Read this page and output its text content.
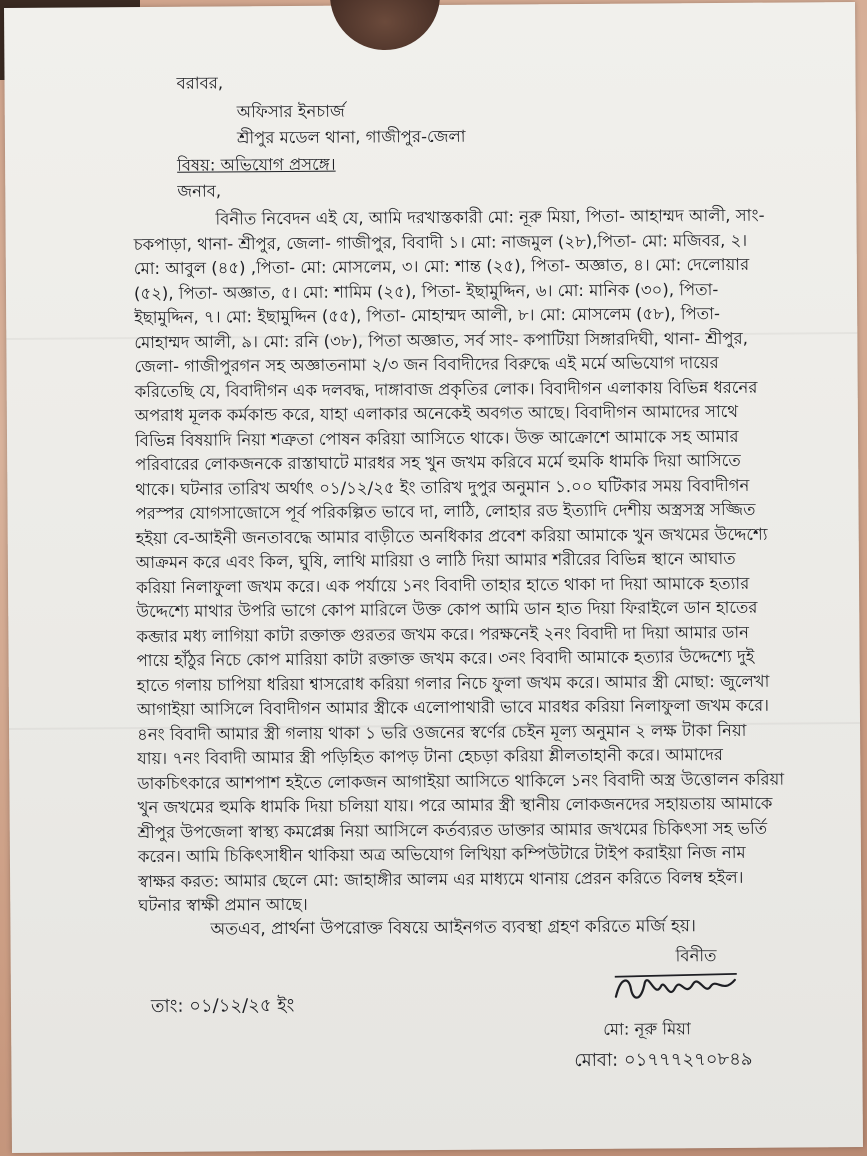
বরাবর,
অফিসার ইনচার্জ
শ্রীপুর মডেল থানা, গাজীপুর-জেলা
বিষয়: অভিযোগ প্রসঙ্গে।
জনাব,
বিনীত নিবেদন এই যে, আমি দরখাস্তকারী মো: নূরু মিয়া, পিতা- আহাম্মদ আলী, সাং-
চকপাড়া, থানা- শ্রীপুর, জেলা- গাজীপুর, বিবাদী ১। মো: নাজমুল (২৮),পিতা- মো: মজিবর, ২।
মো: আবুল (৪৫) ,পিতা- মো: মোসলেম, ৩। মো: শান্ত (২৫), পিতা- অজ্ঞাত, ৪। মো: দেলোয়ার
(৫২), পিতা- অজ্ঞাত, ৫। মো: শামিম (২৫), পিতা- ইছামুদ্দিন, ৬। মো: মানিক (৩০), পিতা-
ইছামুদ্দিন, ৭। মো: ইছামুদ্দিন (৫৫), পিতা- মোহাম্মদ আলী, ৮। মো: মোসলেম (৫৮), পিতা-
মোহাম্মদ আলী, ৯। মো: রনি (৩৮), পিতা অজ্ঞাত, সর্ব সাং- কপাটিয়া সিঙ্গারদিঘী, থানা- শ্রীপুর,
জেলা- গাজীপুরগন সহ অজ্ঞাতনামা ২/৩ জন বিবাদীদের বিরুদ্ধে এই মর্মে অভিযোগ দায়ের
করিতেছি যে, বিবাদীগন এক দলবদ্ধ, দাঙ্গাবাজ প্রকৃতির লোক। বিবাদীগন এলাকায় বিভিন্ন ধরনের
অপরাধ মূলক কর্মকান্ড করে, যাহা এলাকার অনেকেই অবগত আছে। বিবাদীগন আমাদের সাথে
বিভিন্ন বিষয়াদি নিয়া শত্রুতা পোষন করিয়া আসিতে থাকে। উক্ত আক্রোশে আমাকে সহ আমার
পরিবারের লোকজনকে রাস্তাঘাটে মারধর সহ খুন জখম করিবে মর্মে হুমকি ধামকি দিয়া আসিতে
থাকে। ঘটনার তারিখ অর্থাৎ ০১/১২/২৫ ইং তারিখ দুপুর অনুমান ১.০০ ঘটিকার সময় বিবাদীগন
পরস্পর যোগসাজোসে পূর্ব পরিকল্পিত ভাবে দা, লাঠি, লোহার রড ইত্যাদি দেশীয় অস্ত্রসস্ত্র সজ্জিত
হইয়া বে-আইনী জনতাবদ্ধে আমার বাড়ীতে অনধিকার প্রবেশ করিয়া আমাকে খুন জখমের উদ্দেশ্যে
আক্রমন করে এবং কিল, ঘুষি, লাথি মারিয়া ও লাঠি দিয়া আমার শরীরের বিভিন্ন স্থানে আঘাত
করিয়া নিলাফুলা জখম করে। এক পর্যায়ে ১নং বিবাদী তাহার হাতে থাকা দা দিয়া আমাকে হত্যার
উদ্দেশ্যে মাথার উপরি ভাগে কোপ মারিলে উক্ত কোপ আমি ডান হাত দিয়া ফিরাইলে ডান হাতের
কব্জার মধ্য লাগিয়া কাটা রক্তাক্ত গুরতর জখম করে। পরক্ষনেই ২নং বিবাদী দা দিয়া আমার ডান
পায়ে হাঁঠুর নিচে কোপ মারিয়া কাটা রক্তাক্ত জখম করে। ৩নং বিবাদী আমাকে হত্যার উদ্দেশ্যে দুই
হাতে গলায় চাপিয়া ধরিয়া শ্বাসরোধ করিয়া গলার নিচে ফুলা জখম করে। আমার স্ত্রী মোছা: জুলেখা
আগাইয়া আসিলে বিবাদীগন আমার স্ত্রীকে এলোপাথারী ভাবে মারধর করিয়া নিলাফুলা জখম করে।
৪নং বিবাদী আমার স্ত্রী গলায় থাকা ১ ভরি ওজনের স্বর্ণের চেইন মূল্য অনুমান ২ লক্ষ টাকা নিয়া
যায়। ৭নং বিবাদী আমার স্ত্রী পড়িহিত কাপড় টানা হেচড়া করিয়া শ্লীলতাহানী করে। আমাদের
ডাকচিৎকারে আশপাশ হইতে লোকজন আগাইয়া আসিতে থাকিলে ১নং বিবাদী অস্ত্র উত্তোলন করিয়া
খুন জখমের হুমকি ধামকি দিয়া চলিয়া যায়। পরে আমার স্ত্রী স্থানীয় লোকজনদের সহায়তায় আমাকে
শ্রীপুর উপজেলা স্বাস্থ্য কমপ্লেক্স নিয়া আসিলে কর্তব্যরত ডাক্তার আমার জখমের চিকিৎসা সহ ভর্তি
করেন। আমি চিকিৎসাধীন থাকিয়া অত্র অভিযোগ লিখিয়া কম্পিউটারে টাইপ করাইয়া নিজ নাম
স্বাক্ষর করত: আমার ছেলে মো: জাহাঙ্গীর আলম এর মাধ্যমে থানায় প্রেরন করিতে বিলম্ব হইল।
ঘটনার স্বাক্ষী প্রমান আছে।
অতএব, প্রার্থনা উপরোক্ত বিষয়ে আইনগত ব্যবস্থা গ্রহণ করিতে মর্জি হয়।
বিনীত
তাং: ০১/১২/২৫ ইং
মো: নূরু মিয়া
মোবা: ০১৭৭৭২৭০৮৪৯
